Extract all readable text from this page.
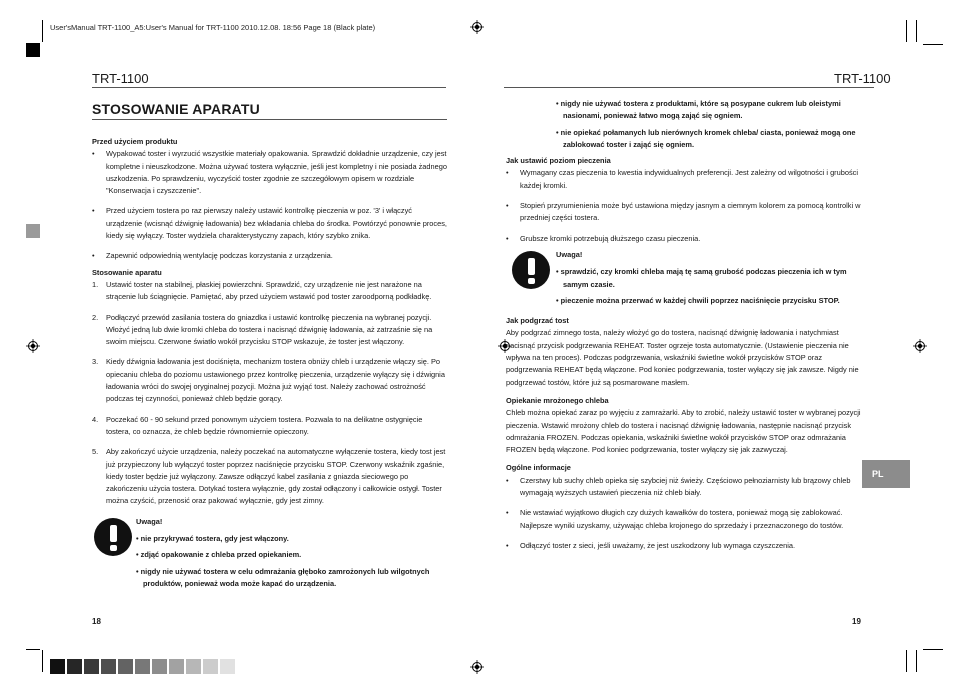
User'sManual TRT-1100_A5:User's Manual for TRT-1100 2010.12.08. 18:56 Page 18 (Black plate)
TRT-1100
STOSOWANIE APARATU

Przed użyciem produktu

• Wypakować toster i wyrzucić wszystkie materiały opakowania. Sprawdzić dokładnie urządzenie, czy jest kompletne i nieuszkodzone. Można używać tostera wyłącznie, jeśli jest kompletny i nie posiada żadnego uszkodzenia. Po sprawdzeniu, wyczyścić toster zgodnie ze szczegółowym opisem w rozdziale "Konserwacja i czyszczenie".
• Przed użyciem tostera po raz pierwszy należy ustawić kontrolkę pieczenia w poz. '3' i włączyć urządzenie (wcisnąć dźwignię ładowania) bez wkładania chleba do środka. Powtórzyć ponownie proces, kiedy się wyłączy. Toster wydziela charakterystyczny zapach, który szybko znika.
• Zapewnić odpowiednią wentylację podczas korzystania z urządzenia.

Stosowanie aparatu

1. Ustawić toster na stabilnej, płaskiej powierzchni. Sprawdzić, czy urządzenie nie jest narażone na strącenie lub ściągnięcie. Pamiętać, aby przed użyciem wstawić pod toster zaroodporną podkładkę.
2. Podłączyć przewód zasilania tostera do gniazdka i ustawić kontrolkę pieczenia na wybranej pozycji. Włożyć jedną lub dwie kromki chleba do tostera i nacisnąć dźwignię ładowania, aż zatrzaśnie się na swoim miejscu. Czerwone światło wokół przycisku STOP wskazuje, że toster jest włączony.
3. Kiedy dźwignia ładowania jest dociśnięta, mechanizm tostera obniży chleb i urządzenie włączy się. Po opiecaniu chleba do poziomu ustawionego przez kontrolkę pieczenia, urządzenie wyłączy się i dźwignia ładowania wróci do swojej oryginalnej pozycji. Można już wyjąć tost. Należy zachować ostrożność podczas tej czynności, ponieważ chleb będzie gorący.
4. Poczekać 60 - 90 sekund przed ponownym użyciem tostera. Pozwala to na delikatne ostygnięcie tostera, co oznacza, że chleb będzie równomiernie opieczony.
5. Aby zakończyć użycie urządzenia, należy poczekać na automatyczne wyłączenie tostera, kiedy tost jest już przypieczony lub wyłączyć toster poprzez naciśnięcie przycisku STOP. Czerwony wskaźnik zgaśnie, kiedy toster będzie już wyłączony. Zawsze odłączyć kabel zasilania z gniazda sieciowego po zakończeniu użycia tostera. Dotykać tostera wyłącznie, gdy został odłączony i całkowicie ostygł. Toster można czyścić, przenosić oraz pakować wyłącznie, gdy jest zimny.
Uwaga!
• nie przykrywać tostera, gdy jest włączony.
• zdjąć opakowanie z chleba przed opiekaniem.
• nigdy nie używać tostera w celu odmrażania głęboko zamrożonych lub wilgotnych produktów, ponieważ woda może kapać do urządzenia.
18
TRT-1100
• nigdy nie używać tostera z produktami, które są posypane cukrem lub oleistymi nasionami, ponieważ łatwo mogą zająć się ogniem.
• nie opiekać połamanych lub nierównych kromek chleba/ ciasta, ponieważ mogą one zablokować toster i zająć się ogniem.

Jak ustawić poziom pieczenia

• Wymagany czas pieczenia to kwestia indywidualnych preferencji. Jest zależny od wilgotności i grubości każdej kromki.
• Stopień przyrumienienia może być ustawiona między jasnym a ciemnym kolorem za pomocą kontrolki w przedniej części tostera.
• Grubsze kromki potrzebują dłuższego czasu pieczenia.
Uwaga!
• sprawdzić, czy kromki chleba mają tę samą grubość podczas pieczenia ich w tym samym czasie.
• pieczenie można przerwać w każdej chwili poprzez naciśnięcie przycisku STOP.

Jak podgrzać tost

Aby podgrzać zimnego tosta, należy włożyć go do tostera, nacisnąć dźwignię ładowania i natychmiast nacisnąć przycisk podgrzewania REHEAT. Toster ogrzeje tosta automatycznie. (Ustawienie pieczenia nie wpływa na ten proces). Podczas podgrzewania, wskaźniki świetlne wokół przycisków STOP oraz podgrzewania REHEAT będą włączone. Pod koniec podgrzewania, toster wyłączy się jak zawsze. Nigdy nie podgrzewać tostów, które już są posmarowane masłem.

Opiekanie mrożonego chleba

Chleb można opiekać zaraz po wyjęciu z zamrażarki. Aby to zrobić, należy ustawić toster w wybranej pozycji pieczenia. Wstawić mrożony chleb do tostera i nacisnąć dźwignię ładowania, następnie nacisnąć przycisk odmrażania FROZEN. Podczas opiekania, wskaźniki świetlne wokół przycisków STOP oraz odmrażania FROZEN będą włączone. Pod koniec podgrzewania, toster wyłączy się jak zazwyczaj.

Ogólne informacje

• Czerstwy lub suchy chleb opieka się szybciej niż świeży. Częściowo pełnoziarnisty lub brązowy chleb wymagają wyższych ustawień pieczenia niż chleb biały.
• Nie wstawiać wyjątkowo długich czy dużych kawałków do tostera, ponieważ mogą się zablokować. Najlepsze wyniki uzyskamy, używając chleba krojonego do sprzedaży i przeznaczonego do tostów.
• Odłączyć toster z sieci, jeśli uważamy, że jest uszkodzony lub wymaga czyszczenia.
PL
19
